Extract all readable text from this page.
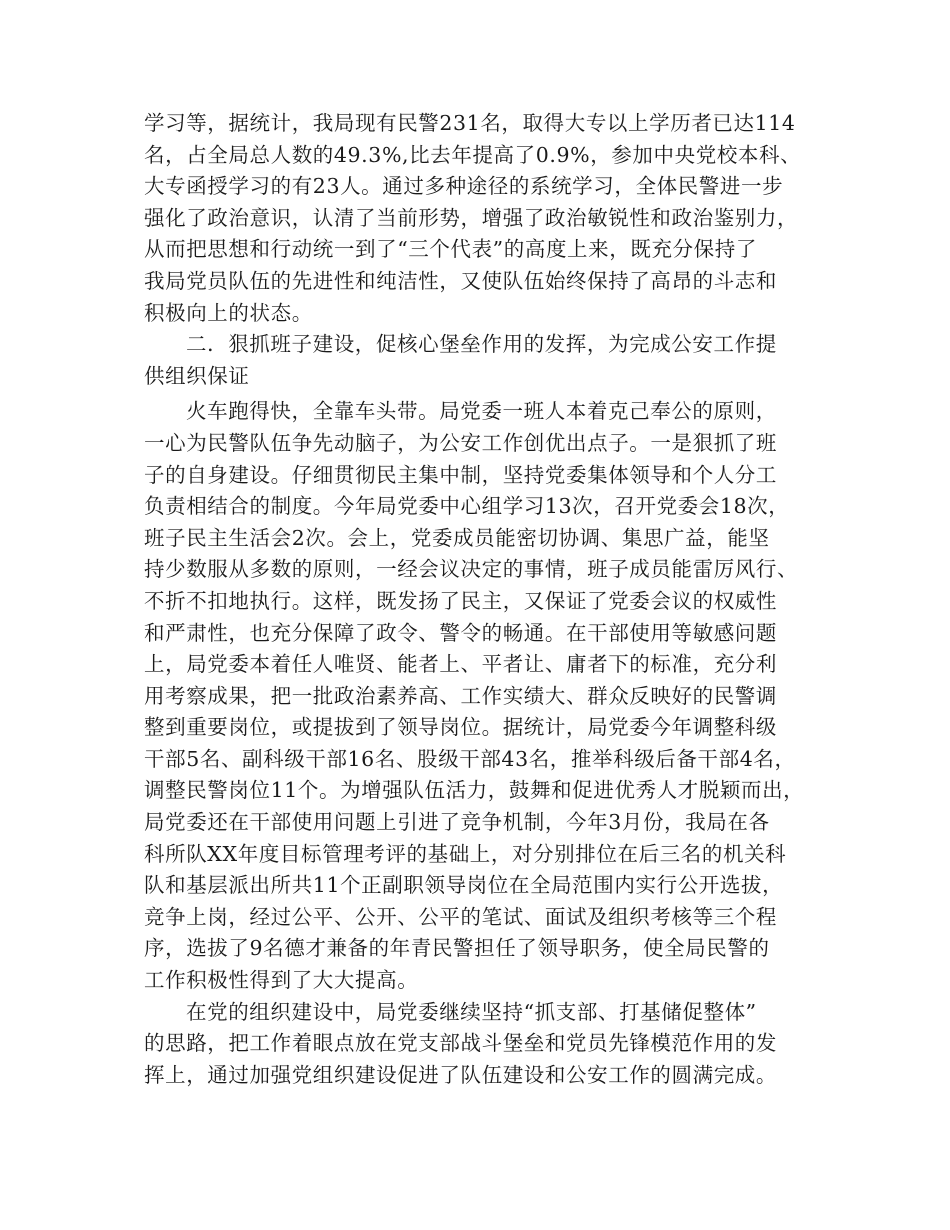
学习等，据统计，我局现有民警231名，取得大专以上学历者已达114
名，占全局总人数的49.3%,比去年提高了0.9%，参加中央党校本科、
大专函授学习的有23人。通过多种途径的系统学习，全体民警进一步
强化了政治意识，认清了当前形势，增强了政治敏锐性和政治鉴别力，
从而把思想和行动统一到了“三个代表”的高度上来，既充分保持了
我局党员队伍的先进性和纯洁性，又使队伍始终保持了高昂的斗志和
积极向上的状态。
二．狠抓班子建设，促核心堡垒作用的发挥，为完成公安工作提
供组织保证
火车跑得快，全靠车头带。局党委一班人本着克己奉公的原则，
一心为民警队伍争先动脑子，为公安工作创优出点子。一是狠抓了班
子的自身建设。仔细贯彻民主集中制，坚持党委集体领导和个人分工
负责相结合的制度。今年局党委中心组学习13次，召开党委会18次，
班子民主生活会2次。会上，党委成员能密切协调、集思广益，能坚
持少数服从多数的原则，一经会议决定的事情，班子成员能雷厉风行、
不折不扣地执行。这样，既发扬了民主，又保证了党委会议的权威性
和严肃性，也充分保障了政令、警令的畅通。在干部使用等敏感问题
上，局党委本着任人唯贤、能者上、平者让、庸者下的标准，充分利
用考察成果，把一批政治素养高、工作实绩大、群众反映好的民警调
整到重要岗位，或提拔到了领导岗位。据统计，局党委今年调整科级
干部5名、副科级干部16名、股级干部43名，推举科级后备干部4名，
调整民警岗位11个。为增强队伍活力，鼓舞和促进优秀人才脱颖而出，
局党委还在干部使用问题上引进了竞争机制，今年3月份，我局在各
科所队XX年度目标管理考评的基础上，对分别排位在后三名的机关科
队和基层派出所共11个正副职领导岗位在全局范围内实行公开选拔，
竞争上岗，经过公平、公开、公平的笔试、面试及组织考核等三个程
序，选拔了9名德才兼备的年青民警担任了领导职务，使全局民警的
工作积极性得到了大大提高。
在党的组织建设中，局党委继续坚持“抓支部、打基储促整体”
的思路，把工作着眼点放在党支部战斗堡垒和党员先锋模范作用的发
挥上，通过加强党组织建设促进了队伍建设和公安工作的圆满完成。
